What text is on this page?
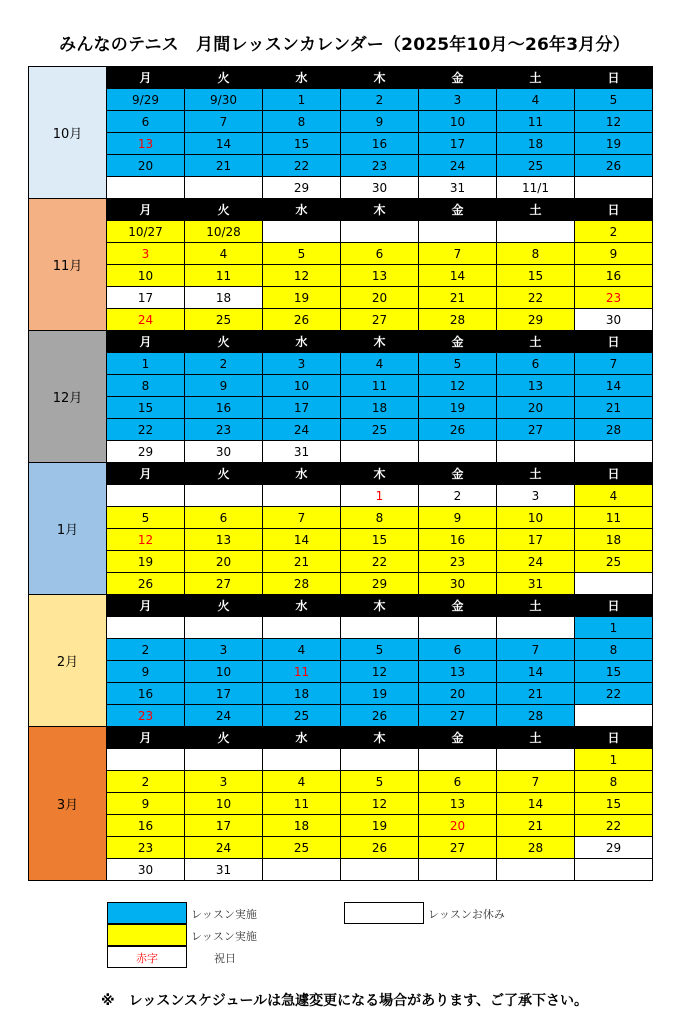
みんなのテニス　月間レッスンカレンダー（2025年10月～26年3月分）
10月	月	火	水	木	金	土	日
	9/29	9/30	1	2	3	4	5
	6	7	8	9	10	11	12
	13	14	15	16	17	18	19
	20	21	22	23	24	25	26
			29	30	31	11/1	
11月	月	火	水	木	金	土	日
	10/27	10/28					2
	3	4	5	6	7	8	9
	10	11	12	13	14	15	16
	17	18	19	20	21	22	23
	24	25	26	27	28	29	30
12月	月	火	水	木	金	土	日
	1	2	3	4	5	6	7
	8	9	10	11	12	13	14
	15	16	17	18	19	20	21
	22	23	24	25	26	27	28
	29	30	31				
1月	月	火	水	木	金	土	日
				1	2	3	4
	5	6	7	8	9	10	11
	12	13	14	15	16	17	18
	19	20	21	22	23	24	25
	26	27	28	29	30	31	
2月	月	火	水	木	金	土	日
							1
	2	3	4	5	6	7	8
	9	10	11	12	13	14	15
	16	17	18	19	20	21	22
	23	24	25	26	27	28	
3月	月	火	水	木	金	土	日
							1
	2	3	4	5	6	7	8
	9	10	11	12	13	14	15
	16	17	18	19	20	21	22
	23	24	25	26	27	28	29
	30	31					
レッスン実施
レッスン実施
赤字	祝日
レッスンお休み
※　レッスンスケジュールは急遽変更になる場合があります、ご了承下さい。
